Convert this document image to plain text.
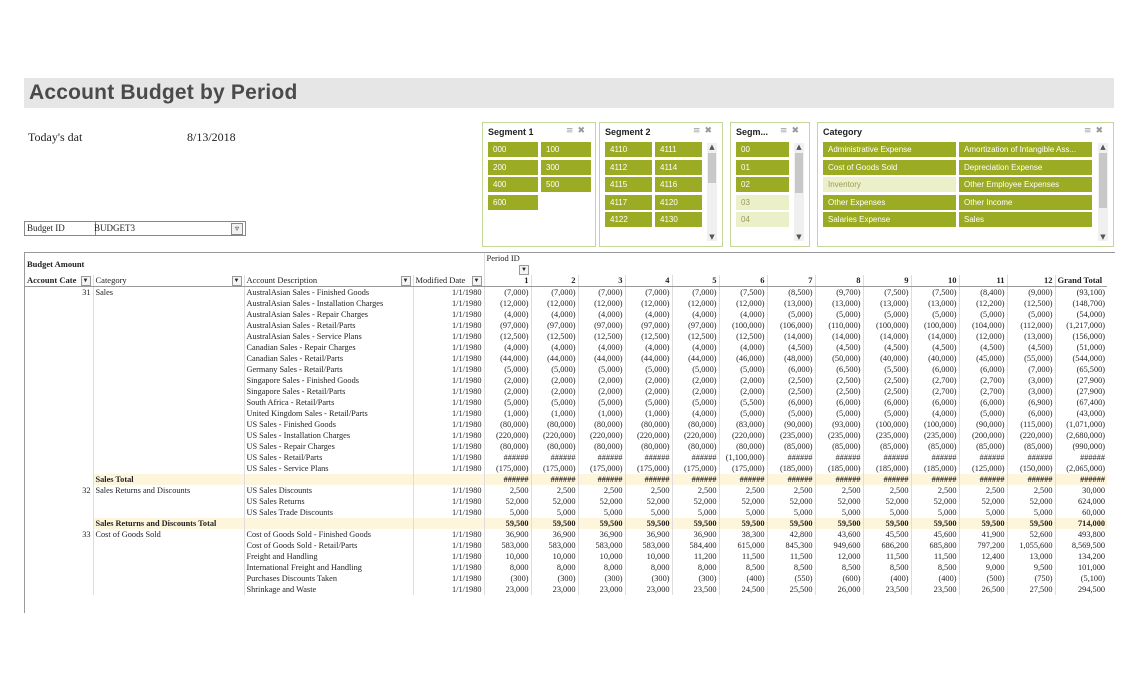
Account Budget by Period
Today's dat	8/13/2018
Budget ID	BUDGET3	▿
Segment 1	≡✖
000	100
200	300
400	500
600
Segment 2	≡✖
▲
▼
4110	4111
4112	4114
4115	4116
4117	4120
4122	4130
Segm... ≡✖
▲
▼
00
01
02
03
04
Category	≡✖
▲
▼
Administrative Expense	Amortization of Intangible Ass...
Cost of Goods Sold	Depreciation Expense
Inventory	Other Employee Expenses
Other Expenses	Other Income
Salaries Expense	Sales
Budget Amount				Period ID
▼												

Account Cate ▼	Category ▼	Account Description ▼	Modified Date ▼	1	2	3	4	5	6	7	8	9	10	11	12	Grand Total
31	Sales	AustralAsian Sales - Finished Goods	1/1/1980	(7,000)	(7,000)	(7,000)	(7,000)	(7,000)	(7,500)	(8,500)	(9,700)	(7,500)	(7,500)	(8,400)	(9,000)	(93,100)
		AustralAsian Sales - Installation Charges	1/1/1980	(12,000)	(12,000)	(12,000)	(12,000)	(12,000)	(12,000)	(13,000)	(13,000)	(13,000)	(13,000)	(12,200)	(12,500)	(148,700)
		AustralAsian Sales - Repair Charges	1/1/1980	(4,000)	(4,000)	(4,000)	(4,000)	(4,000)	(4,000)	(5,000)	(5,000)	(5,000)	(5,000)	(5,000)	(5,000)	(54,000)
		AustralAsian Sales - Retail/Parts	1/1/1980	(97,000)	(97,000)	(97,000)	(97,000)	(97,000)	(100,000)	(106,000)	(110,000)	(100,000)	(100,000)	(104,000)	(112,000)	(1,217,000)
		AustralAsian Sales - Service Plans	1/1/1980	(12,500)	(12,500)	(12,500)	(12,500)	(12,500)	(12,500)	(14,000)	(14,000)	(14,000)	(14,000)	(12,000)	(13,000)	(156,000)
		Canadian Sales - Repair Charges	1/1/1980	(4,000)	(4,000)	(4,000)	(4,000)	(4,000)	(4,000)	(4,500)	(4,500)	(4,500)	(4,500)	(4,500)	(4,500)	(51,000)
		Canadian Sales - Retail/Parts	1/1/1980	(44,000)	(44,000)	(44,000)	(44,000)	(44,000)	(46,000)	(48,000)	(50,000)	(40,000)	(40,000)	(45,000)	(55,000)	(544,000)
		Germany Sales - Retail/Parts	1/1/1980	(5,000)	(5,000)	(5,000)	(5,000)	(5,000)	(5,000)	(6,000)	(6,500)	(5,500)	(6,000)	(6,000)	(7,000)	(65,500)
		Singapore Sales - Finished Goods	1/1/1980	(2,000)	(2,000)	(2,000)	(2,000)	(2,000)	(2,000)	(2,500)	(2,500)	(2,500)	(2,700)	(2,700)	(3,000)	(27,900)
		Singapore Sales - Retail/Parts	1/1/1980	(2,000)	(2,000)	(2,000)	(2,000)	(2,000)	(2,000)	(2,500)	(2,500)	(2,500)	(2,700)	(2,700)	(3,000)	(27,900)
		South Africa - Retail/Parts	1/1/1980	(5,000)	(5,000)	(5,000)	(5,000)	(5,000)	(5,500)	(6,000)	(6,000)	(6,000)	(6,000)	(6,000)	(6,900)	(67,400)
		United Kingdom Sales - Retail/Parts	1/1/1980	(1,000)	(1,000)	(1,000)	(1,000)	(4,000)	(5,000)	(5,000)	(5,000)	(5,000)	(4,000)	(5,000)	(6,000)	(43,000)
		US Sales - Finished Goods	1/1/1980	(80,000)	(80,000)	(80,000)	(80,000)	(80,000)	(83,000)	(90,000)	(93,000)	(100,000)	(100,000)	(90,000)	(115,000)	(1,071,000)
		US Sales - Installation Charges	1/1/1980	(220,000)	(220,000)	(220,000)	(220,000)	(220,000)	(220,000)	(235,000)	(235,000)	(235,000)	(235,000)	(200,000)	(220,000)	(2,680,000)
		US Sales - Repair Charges	1/1/1980	(80,000)	(80,000)	(80,000)	(80,000)	(80,000)	(80,000)	(85,000)	(85,000)	(85,000)	(85,000)	(85,000)	(85,000)	(990,000)
		US Sales - Retail/Parts	1/1/1980	######	######	######	######	######	(1,100,000)	######	######	######	######	######	######	######
		US Sales - Service Plans	1/1/1980	(175,000)	(175,000)	(175,000)	(175,000)	(175,000)	(175,000)	(185,000)	(185,000)	(185,000)	(185,000)	(125,000)	(150,000)	(2,065,000)
	Sales Total			######	######	######	######	######	######	######	######	######	######	######	######	######
32	Sales Returns and Discounts	US Sales Discounts	1/1/1980	2,500	2,500	2,500	2,500	2,500	2,500	2,500	2,500	2,500	2,500	2,500	2,500	30,000
		US Sales Returns	1/1/1980	52,000	52,000	52,000	52,000	52,000	52,000	52,000	52,000	52,000	52,000	52,000	52,000	624,000
		US Sales Trade Discounts	1/1/1980	5,000	5,000	5,000	5,000	5,000	5,000	5,000	5,000	5,000	5,000	5,000	5,000	60,000
	Sales Returns and Discounts Total			59,500	59,500	59,500	59,500	59,500	59,500	59,500	59,500	59,500	59,500	59,500	59,500	714,000
33	Cost of Goods Sold	Cost of Goods Sold - Finished Goods	1/1/1980	36,900	36,900	36,900	36,900	36,900	38,300	42,800	43,600	45,500	45,600	41,900	52,600	493,800
		Cost of Goods Sold - Retail/Parts	1/1/1980	583,000	583,000	583,000	583,000	584,400	615,000	845,300	949,600	686,200	685,800	797,200	1,055,600	8,569,500
		Freight and Handling	1/1/1980	10,000	10,000	10,000	10,000	11,200	11,500	11,500	12,000	11,500	11,500	12,400	13,000	134,200
		International Freight and Handling	1/1/1980	8,000	8,000	8,000	8,000	8,000	8,500	8,500	8,500	8,500	8,500	9,000	9,500	101,000
		Purchases Discounts Taken	1/1/1980	(300)	(300)	(300)	(300)	(300)	(400)	(550)	(600)	(400)	(400)	(500)	(750)	(5,100)
		Shrinkage and Waste	1/1/1980	23,000	23,000	23,000	23,000	23,500	24,500	25,500	26,000	23,500	23,500	26,500	27,500	294,500
